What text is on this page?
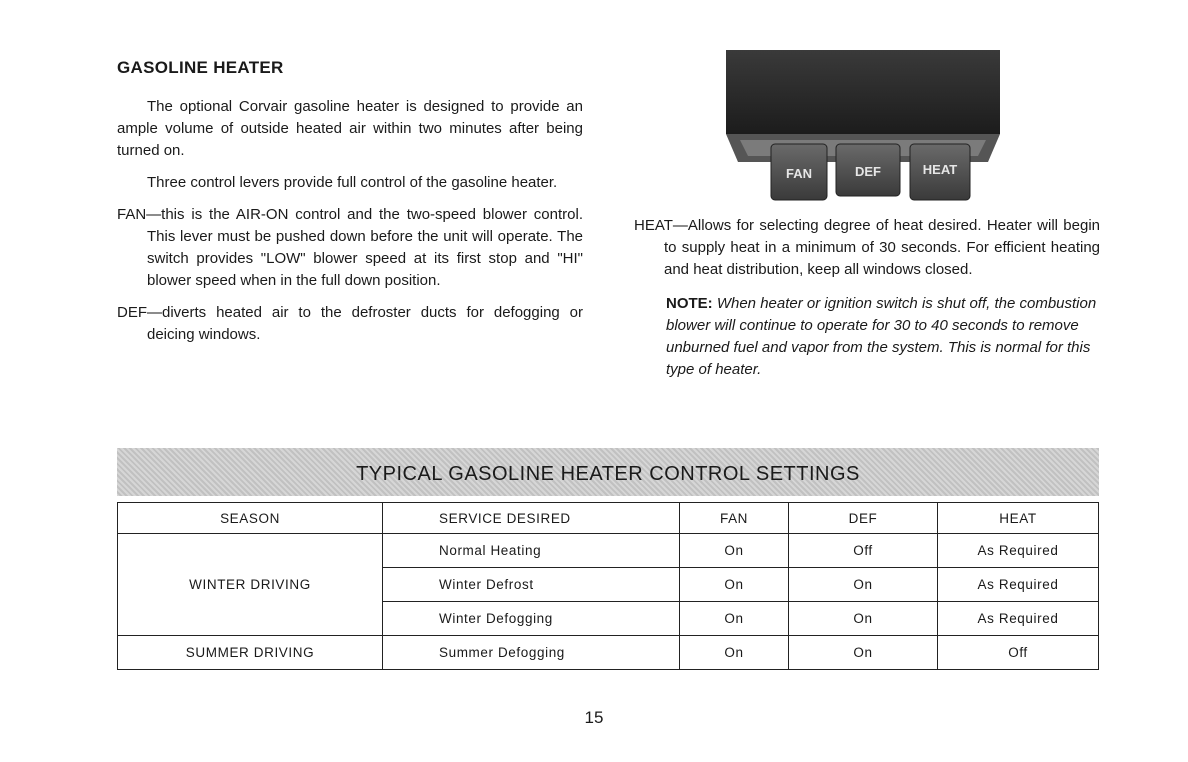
GASOLINE HEATER

The optional Corvair gasoline heater is designed to provide an ample volume of outside heated air within two minutes after being turned on.

Three control levers provide full control of the gasoline heater.

FAN—this is the AIR-ON control and the two-speed blower control. This lever must be pushed down before the unit will operate. The switch provides "LOW" blower speed at its first stop and "HI" blower speed when in the full down position.

DEF—diverts heated air to the defroster ducts for defogging or deicing windows.

FAN	DEF	HEAT

HEAT—Allows for selecting degree of heat desired. Heater will begin to supply heat in a minimum of 30 seconds. For efficient heating and heat distribution, keep all windows closed.

NOTE: When heater or ignition switch is shut off, the combustion blower will continue to operate for 30 to 40 seconds to remove unburned fuel and vapor from the system. This is normal for this type of heater.

TYPICAL GASOLINE HEATER CONTROL SETTINGS
SEASON	SERVICE DESIRED	FAN	DEF	HEAT
WINTER DRIVING	Normal Heating	On	Off	As Required
	Winter Defrost	On	On	As Required
	Winter Defogging	On	On	As Required
SUMMER DRIVING	Summer Defogging	On	On	Off

15
